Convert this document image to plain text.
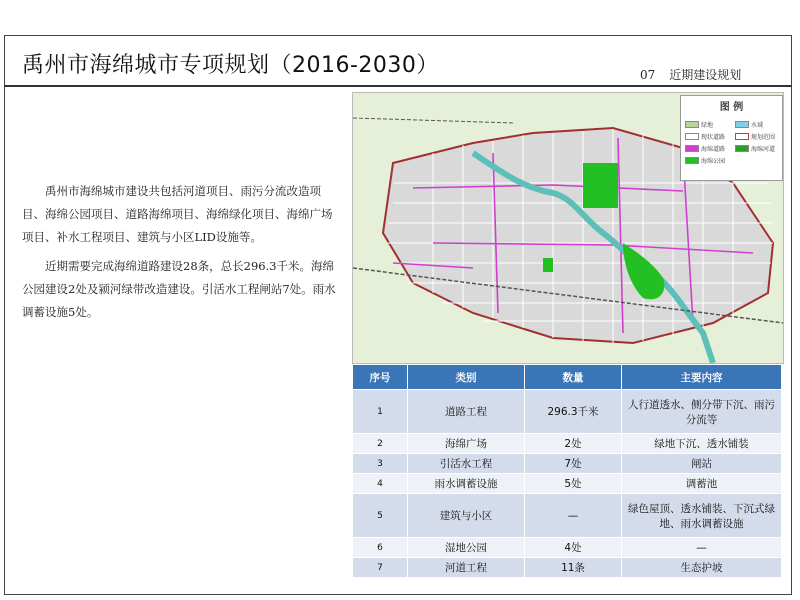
禹州市海绵城市专项规划（2016-2030）	07 近期建设规划

禹州市海绵城市建设共包括河道项目、雨污分流改造项目、海绵公园项目、道路海绵项目、海绵绿化项目、海绵广场项目、补水工程项目、建筑与小区LID设施等。

近期需要完成海绵道路建设28条，总长296.3千米。海绵公园建设2处及颍河绿带改造建设。引活水工程闸站7处。雨水调蓄设施5处。

图 例
绿地	水域
现状道路	规划范围
海绵道路	海绵河道
海绵公园
序号	类别	数量	主要内容
1	道路工程	296.3千米	人行道透水、侧分带下沉、雨污分流等
2	海绵广场	2处	绿地下沉、透水铺装
3	引活水工程	7处	闸站
4	雨水调蓄设施	5处	调蓄池
5	建筑与小区	—	绿色屋顶、透水铺装、下沉式绿地、雨水调蓄设施
6	湿地公园	4处	—
7	河道工程	11条	生态护坡
